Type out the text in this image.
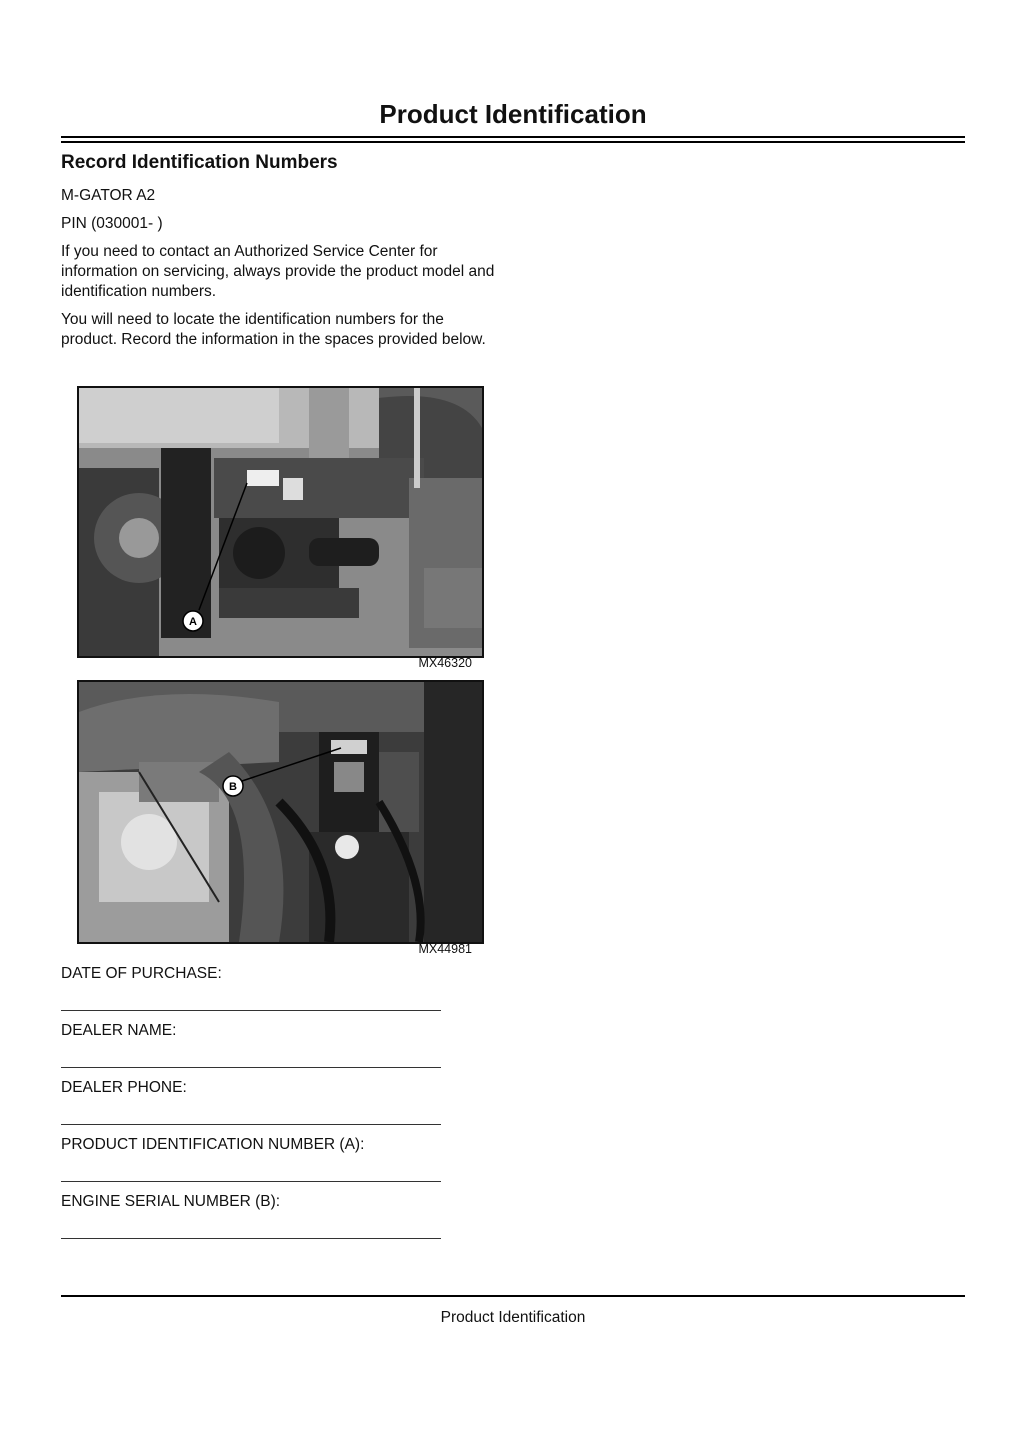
Product Identification
Record Identification Numbers

M-GATOR A2

PIN (030001- )

If you need to contact an Authorized Service Center for information on servicing, always provide the product model and identification numbers.

You will need to locate the identification numbers for the product. Record the information in the spaces provided below.

A
MX46320
B
MX44981
DATE OF PURCHASE:
DEALER NAME:
DEALER PHONE:
PRODUCT IDENTIFICATION NUMBER (A):
ENGINE SERIAL NUMBER (B):
Product Identification
